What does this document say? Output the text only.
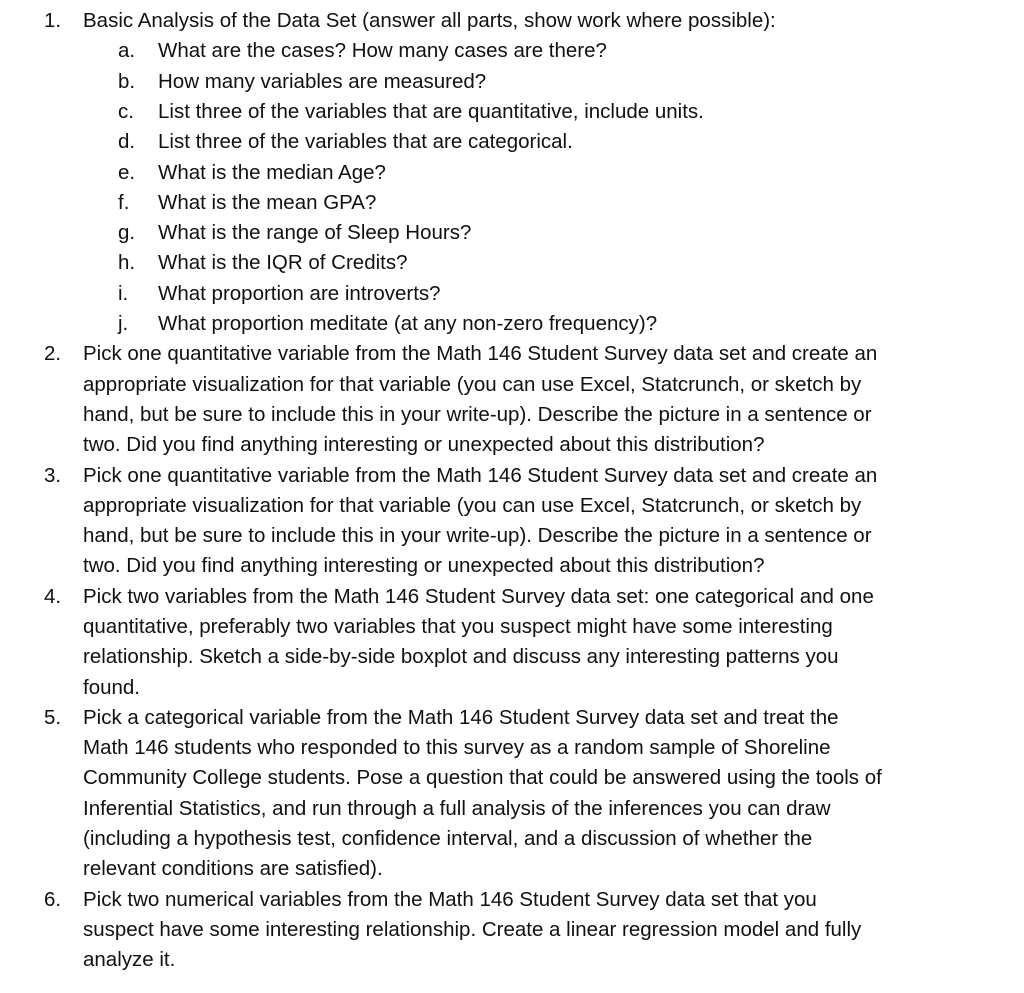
1.	Basic Analysis of the Data Set (answer all parts, show work where possible):
a.	What are the cases? How many cases are there?
b.	How many variables are measured?
c.	List three of the variables that are quantitative, include units.
d.	List three of the variables that are categorical.
e.	What is the median Age?
f.	What is the mean GPA?
g.	What is the range of Sleep Hours?
h.	What is the IQR of Credits?
i.	What proportion are introverts?
j.	What proportion meditate (at any non-zero frequency)?
2.	Pick one quantitative variable from the Math 146 Student Survey data set and create an
appropriate visualization for that variable (you can use Excel, Statcrunch, or sketch by
hand, but be sure to include this in your write-up). Describe the picture in a sentence or
two. Did you find anything interesting or unexpected about this distribution?
3.	Pick one quantitative variable from the Math 146 Student Survey data set and create an
appropriate visualization for that variable (you can use Excel, Statcrunch, or sketch by
hand, but be sure to include this in your write-up). Describe the picture in a sentence or
two. Did you find anything interesting or unexpected about this distribution?
4.	Pick two variables from the Math 146 Student Survey data set: one categorical and one
quantitative, preferably two variables that you suspect might have some interesting
relationship. Sketch a side-by-side boxplot and discuss any interesting patterns you
found.
5.	Pick a categorical variable from the Math 146 Student Survey data set and treat the
Math 146 students who responded to this survey as a random sample of Shoreline
Community College students. Pose a question that could be answered using the tools of
Inferential Statistics, and run through a full analysis of the inferences you can draw
(including a hypothesis test, confidence interval, and a discussion of whether the
relevant conditions are satisfied).
6.	Pick two numerical variables from the Math 146 Student Survey data set that you
suspect have some interesting relationship. Create a linear regression model and fully
analyze it.
